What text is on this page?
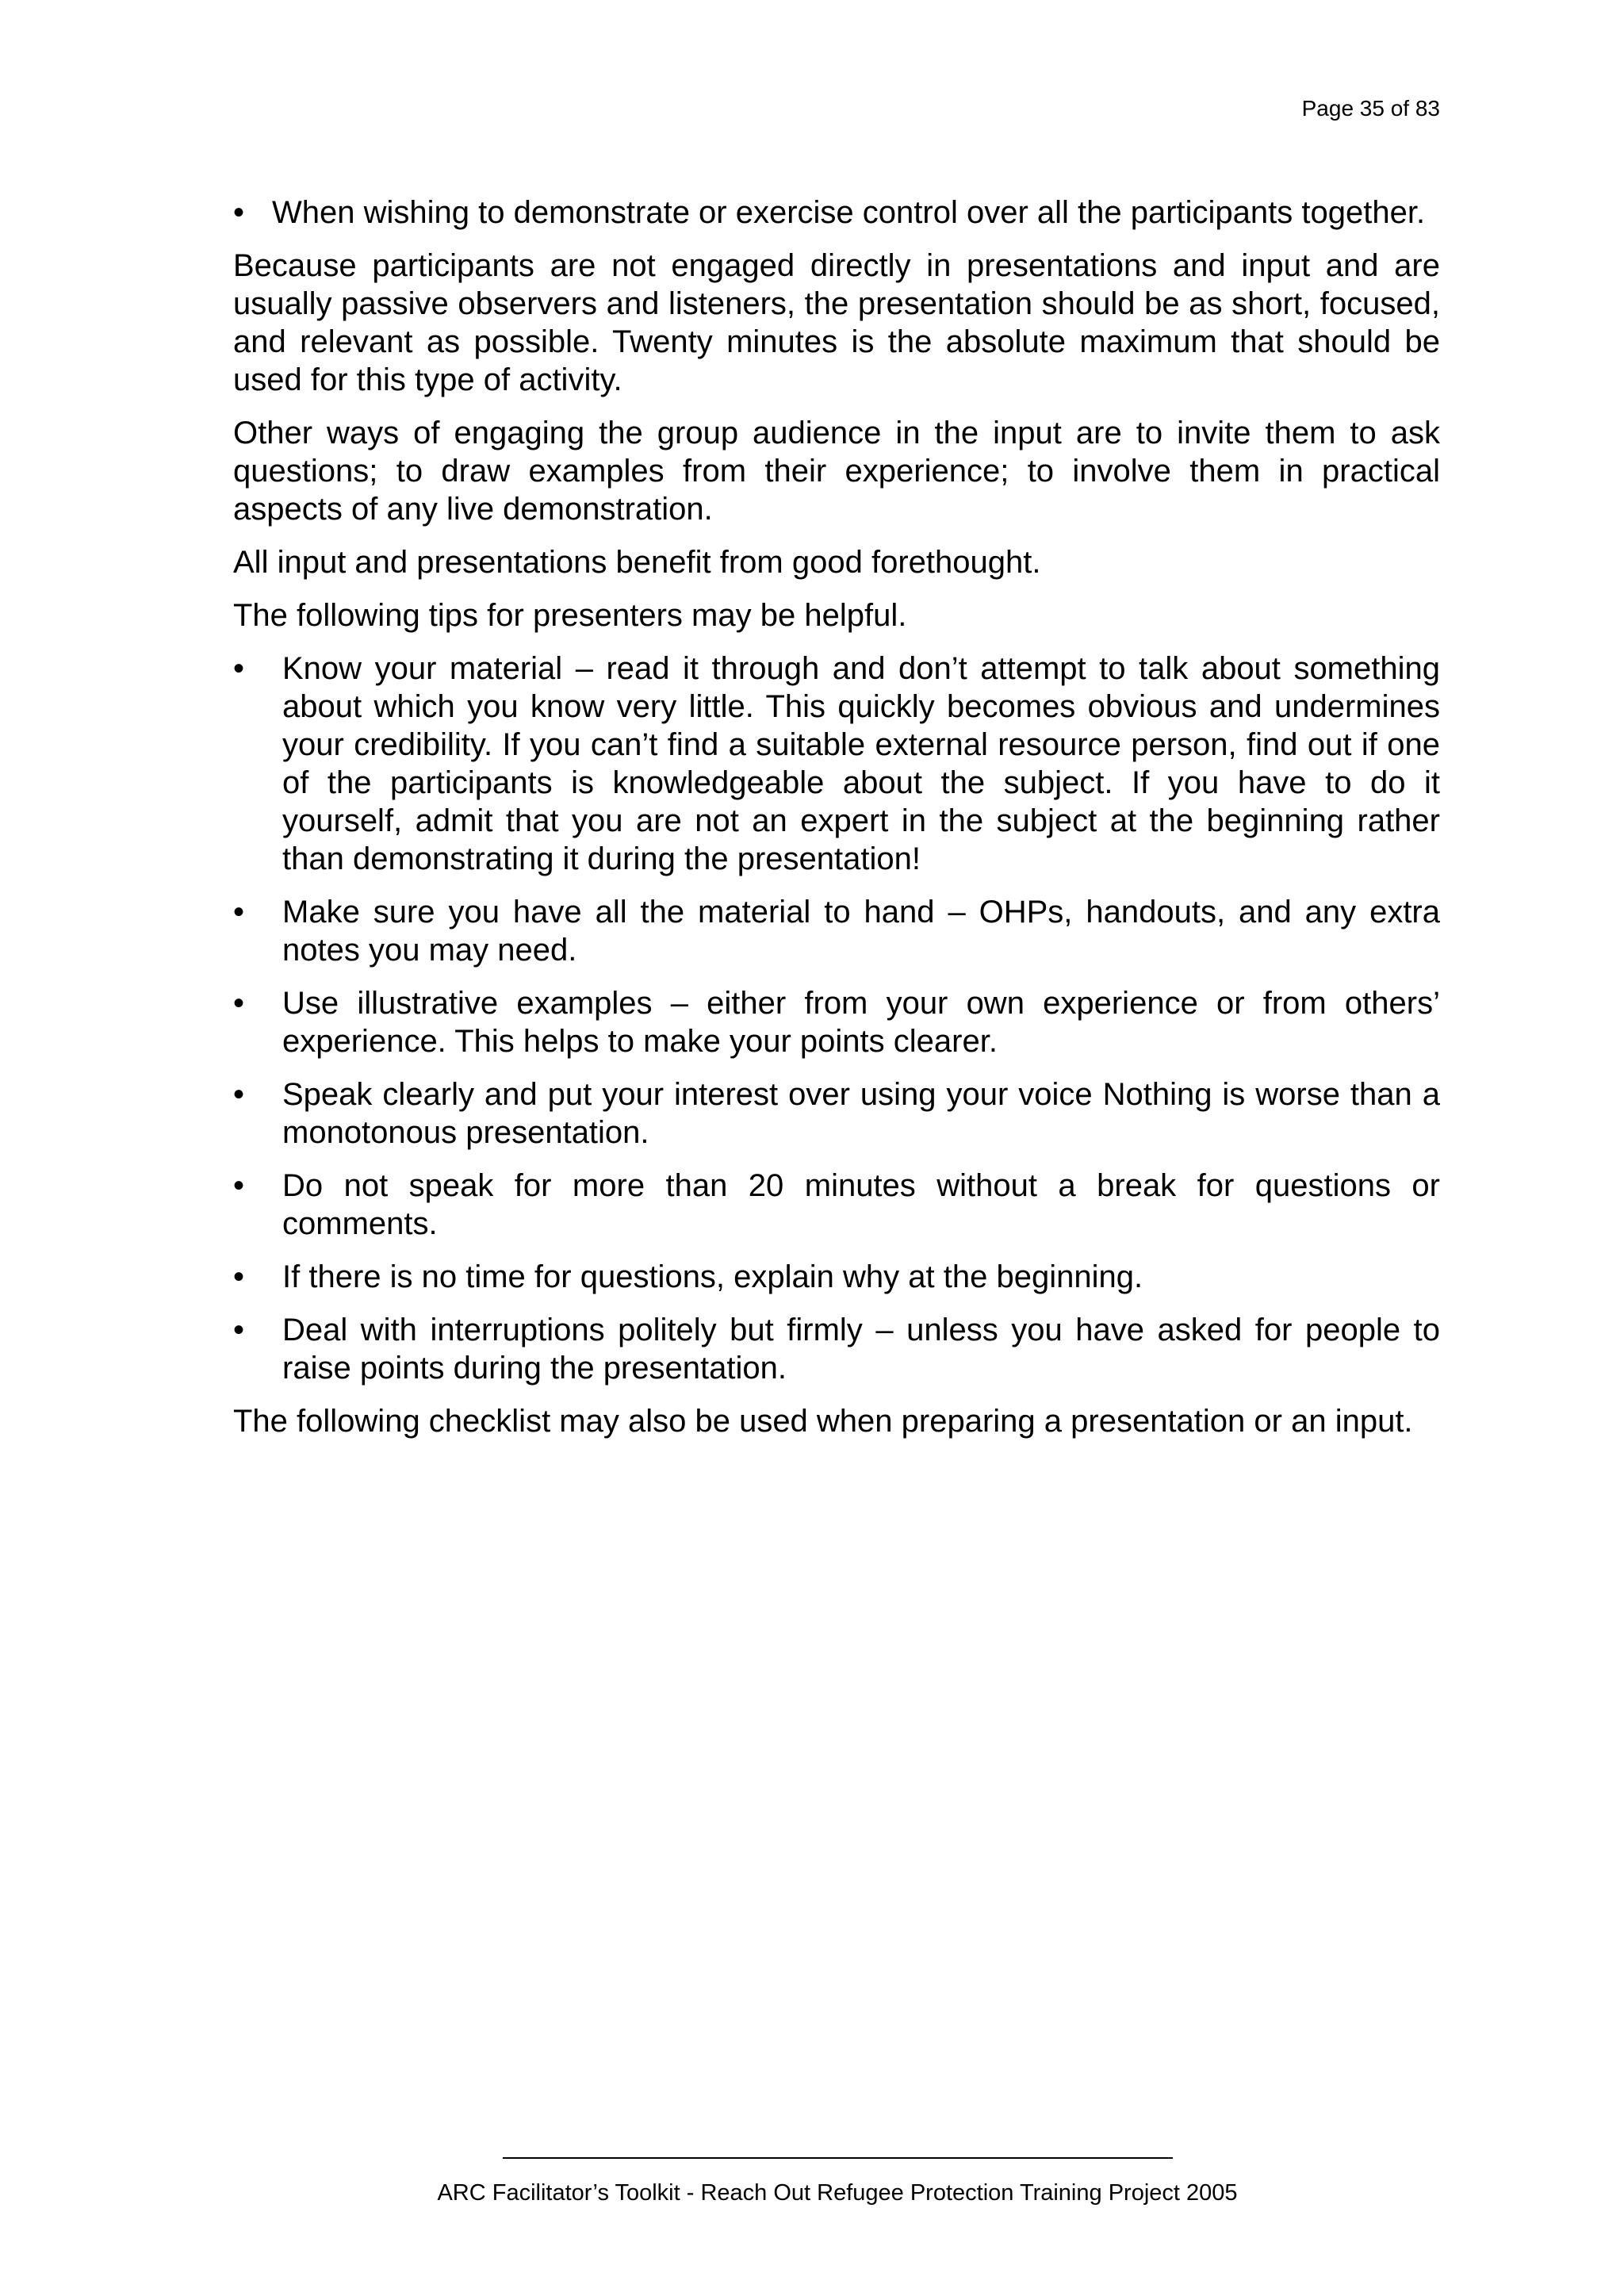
Page 35 of 83
• When wishing to demonstrate or exercise control over all the participants together.

Because participants are not engaged directly in presentations and input and are usually passive observers and listeners, the presentation should be as short, focused, and relevant as possible. Twenty minutes is the absolute maximum that should be used for this type of activity.

Other ways of engaging the group audience in the input are to invite them to ask questions; to draw examples from their experience; to involve them in practical aspects of any live demonstration.

All input and presentations benefit from good forethought.

The following tips for presenters may be helpful.

• Know your material – read it through and don’t attempt to talk about something about which you know very little. This quickly becomes obvious and undermines your credibility. If you can’t find a suitable external resource person, find out if one of the participants is knowledgeable about the subject. If you have to do it yourself, admit that you are not an expert in the subject at the beginning rather than demonstrating it during the presentation!
• Make sure you have all the material to hand – OHPs, handouts, and any extra notes you may need.
• Use illustrative examples – either from your own experience or from others’ experience. This helps to make your points clearer.
• Speak clearly and put your interest over using your voice Nothing is worse than a monotonous presentation.
• Do not speak for more than 20 minutes without a break for questions or comments.
• If there is no time for questions, explain why at the beginning.
• Deal with interruptions politely but firmly – unless you have asked for people to raise points during the presentation.

The following checklist may also be used when preparing a presentation or an input.

ARC Facilitator’s Toolkit - Reach Out Refugee Protection Training Project 2005
